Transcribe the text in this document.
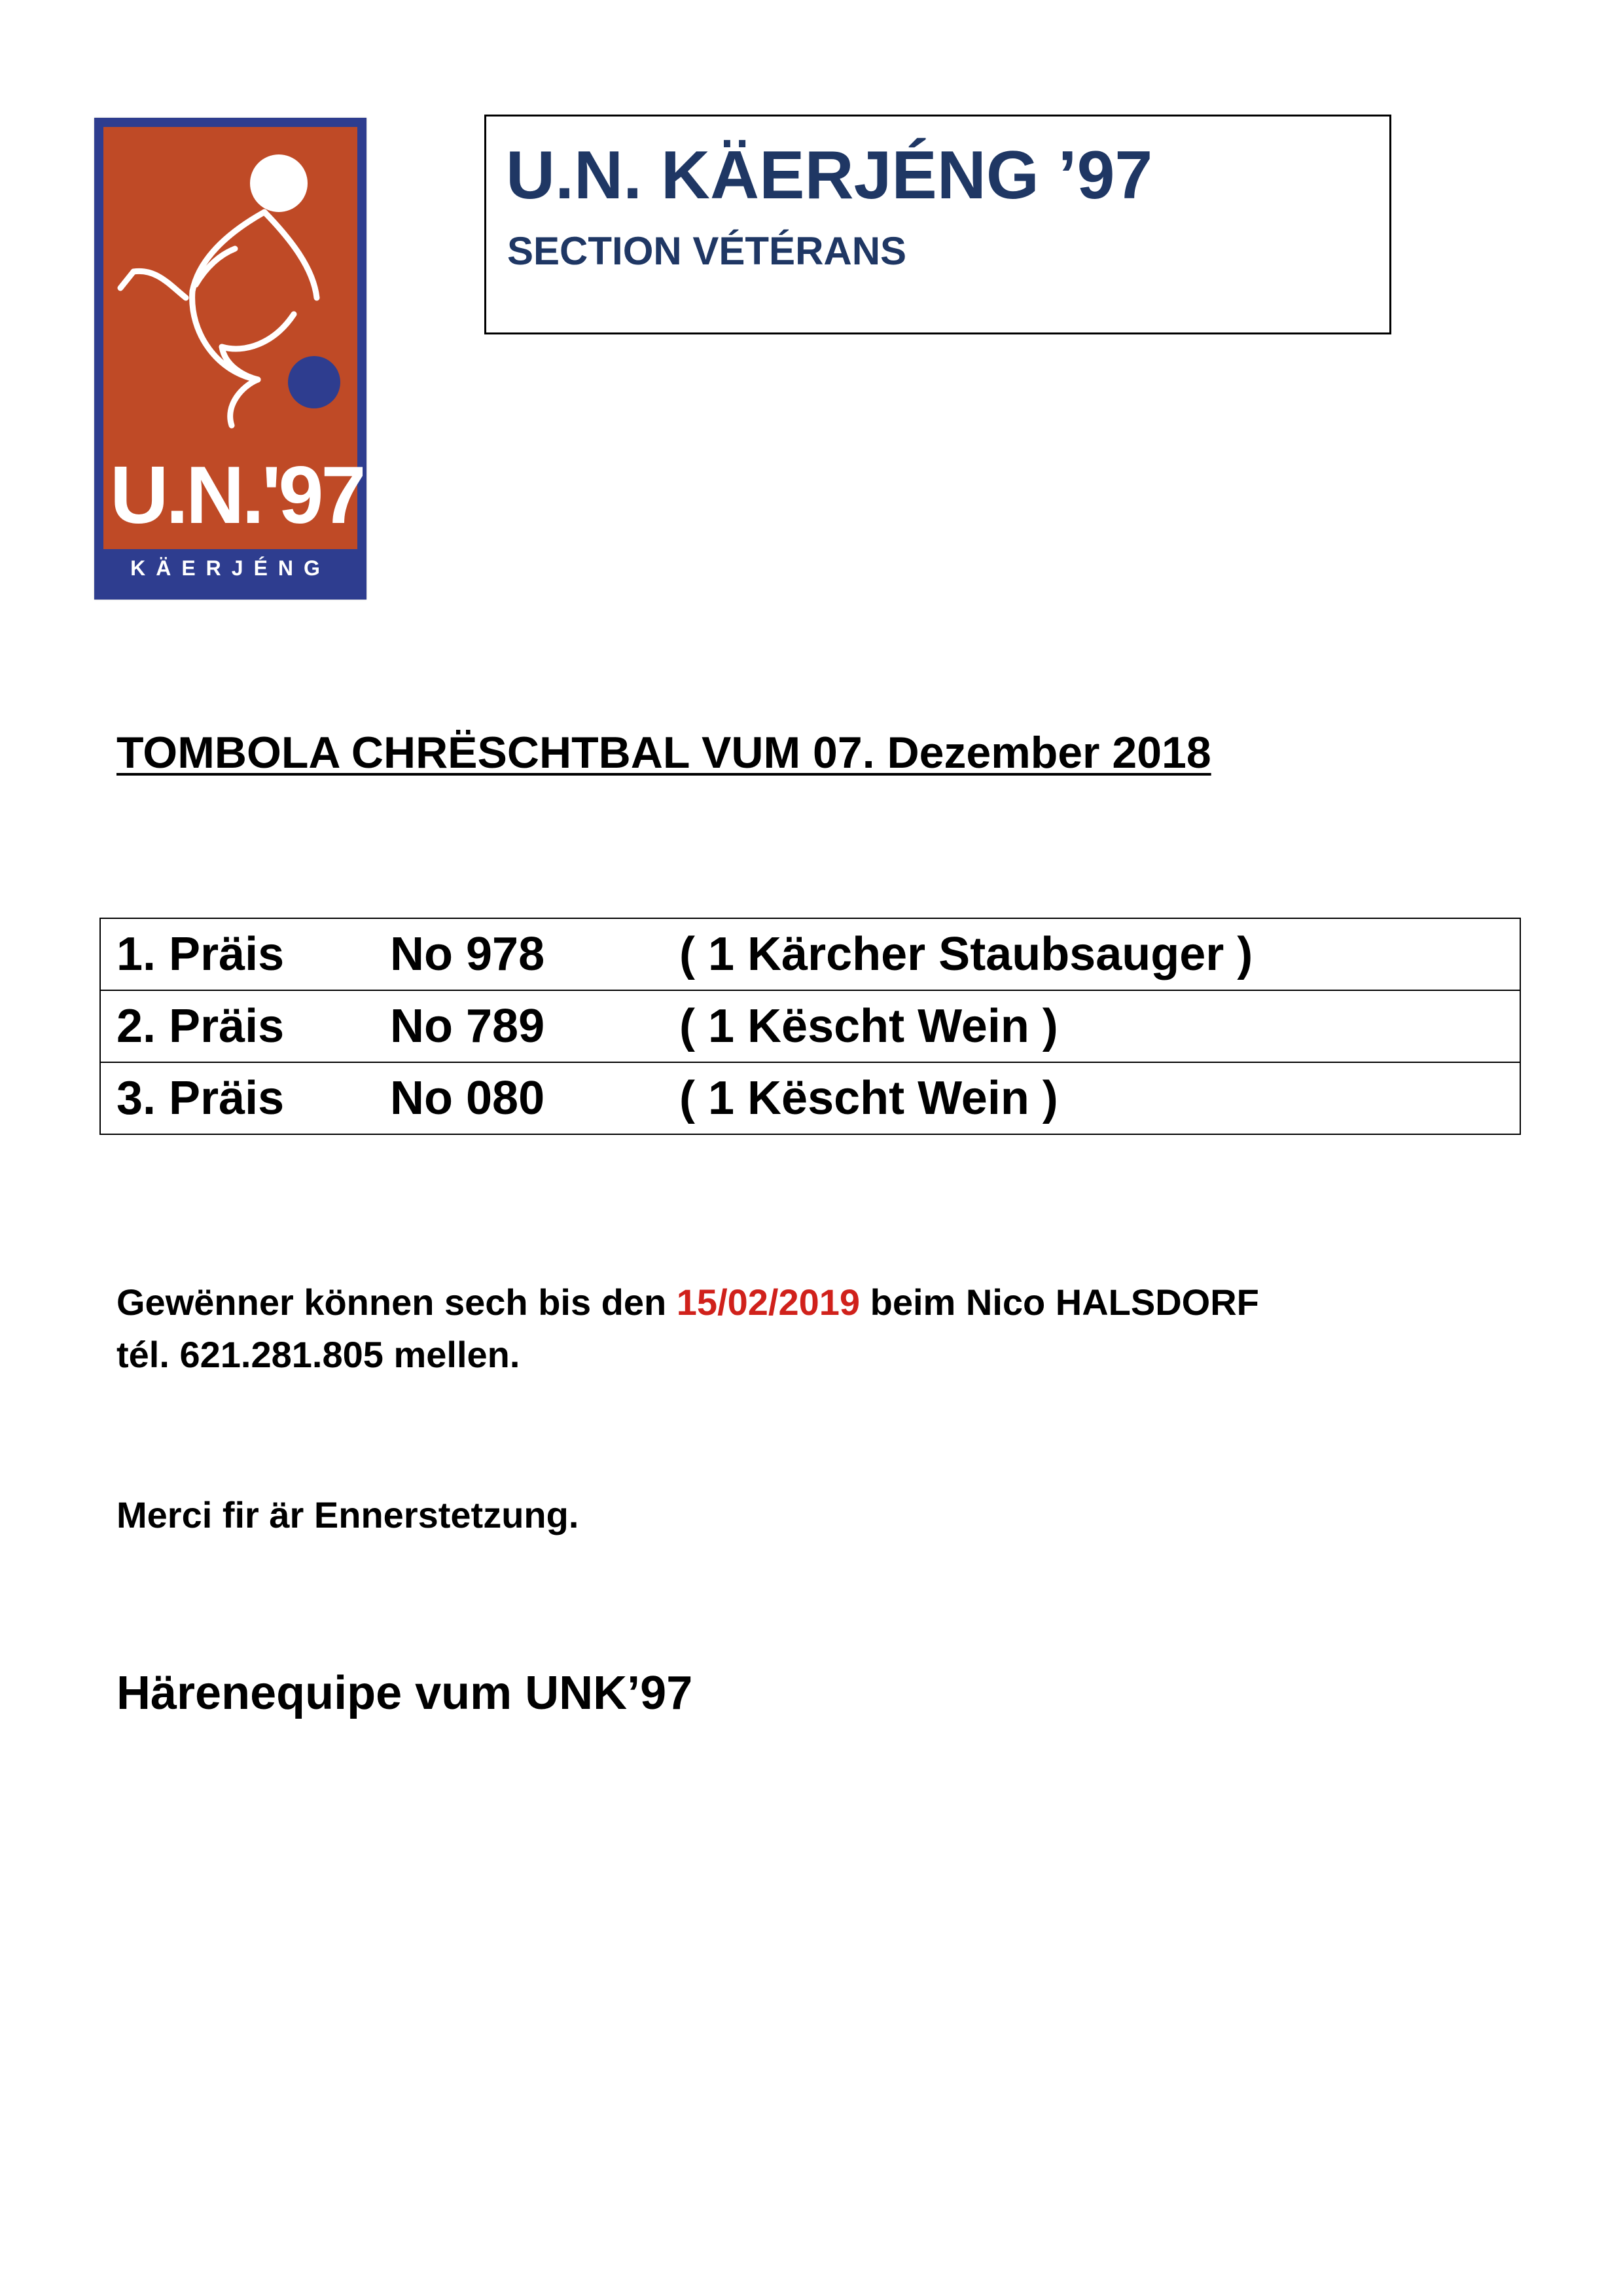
U.N.'97
KÄERJÉNG
U.N. KÄERJÉNG ’97
SECTION VÉTÉRANS
TOMBOLA CHRËSCHTBAL VUM 07. Dezember 2018
1. Präis	No 978	( 1 Kärcher Staubsauger )
2. Präis	No 789	( 1 Këscht Wein )
3. Präis	No 080	( 1 Këscht Wein )
Gewënner können sech bis den 15/02/2019 beim Nico HALSDORF
tél. 621.281.805 mellen.
Merci fir är Ennerstetzung.
Härenequipe vum UNK’97
